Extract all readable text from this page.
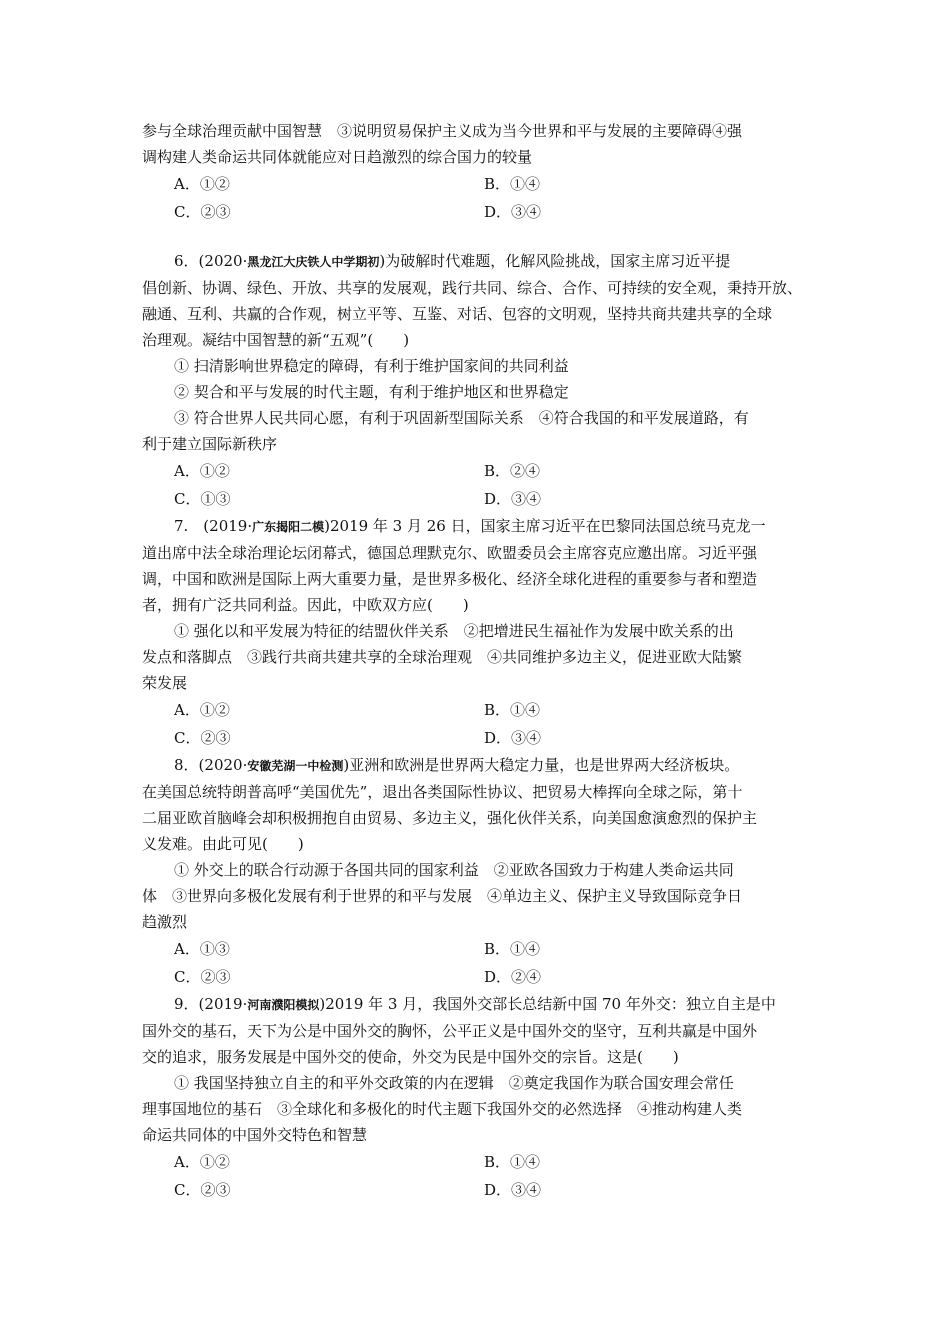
参与全球治理贡献中国智慧　③说明贸易保护主义成为当今世界和平与发展的主要障碍④强

调构建人类命运共同体就能应对日趋激烈的综合国力的较量

A．①②	B．①④
C．②③	D．③④

6．(2020·黑龙江大庆铁人中学期初)为破解时代难题，化解风险挑战，国家主席习近平提

倡创新、协调、绿色、开放、共享的发展观，践行共同、综合、合作、可持续的安全观，秉持开放、

融通、互利、共赢的合作观，树立平等、互鉴、对话、包容的文明观，坚持共商共建共享的全球

治理观。凝结中国智慧的新“五观”(　　)

① 扫清影响世界稳定的障碍，有利于维护国家间的共同利益

② 契合和平与发展的时代主题，有利于维护地区和世界稳定

③ 符合世界人民共同心愿，有利于巩固新型国际关系　④符合我国的和平发展道路，有

利于建立国际新秩序

A．①②	B．②④
C．①③	D．③④

7.　(2019·广东揭阳二模)2019 年 3 月 26 日，国家主席习近平在巴黎同法国总统马克龙一

道出席中法全球治理论坛闭幕式，德国总理默克尔、欧盟委员会主席容克应邀出席。习近平强

调，中国和欧洲是国际上两大重要力量，是世界多极化、经济全球化进程的重要参与者和塑造

者，拥有广泛共同利益。因此，中欧双方应(　　)

① 强化以和平发展为特征的结盟伙伴关系　②把增进民生福祉作为发展中欧关系的出

发点和落脚点　③践行共商共建共享的全球治理观　④共同维护多边主义，促进亚欧大陆繁

荣发展

A．①②	B．①④
C．②③	D．③④

8．(2020·安徽芜湖一中检测)亚洲和欧洲是世界两大稳定力量，也是世界两大经济板块。

在美国总统特朗普高呼“美国优先”，退出各类国际性协议、把贸易大棒挥向全球之际，第十

二届亚欧首脑峰会却积极拥抱自由贸易、多边主义，强化伙伴关系，向美国愈演愈烈的保护主

义发难。由此可见(　　)

① 外交上的联合行动源于各国共同的国家利益　②亚欧各国致力于构建人类命运共同

体　③世界向多极化发展有利于世界的和平与发展　④单边主义、保护主义导致国际竞争日

趋激烈

A．①③	B．①④
C．②③	D．②④

9．(2019·河南濮阳模拟)2019 年 3 月，我国外交部长总结新中国 70 年外交：独立自主是中

国外交的基石，天下为公是中国外交的胸怀，公平正义是中国外交的坚守，互利共赢是中国外

交的追求，服务发展是中国外交的使命，外交为民是中国外交的宗旨。这是(　　)

① 我国坚持独立自主的和平外交政策的内在逻辑　②奠定我国作为联合国安理会常任

理事国地位的基石　③全球化和多极化的时代主题下我国外交的必然选择　④推动构建人类

命运共同体的中国外交特色和智慧

A．①②	B．①④
C．②③	D．③④
